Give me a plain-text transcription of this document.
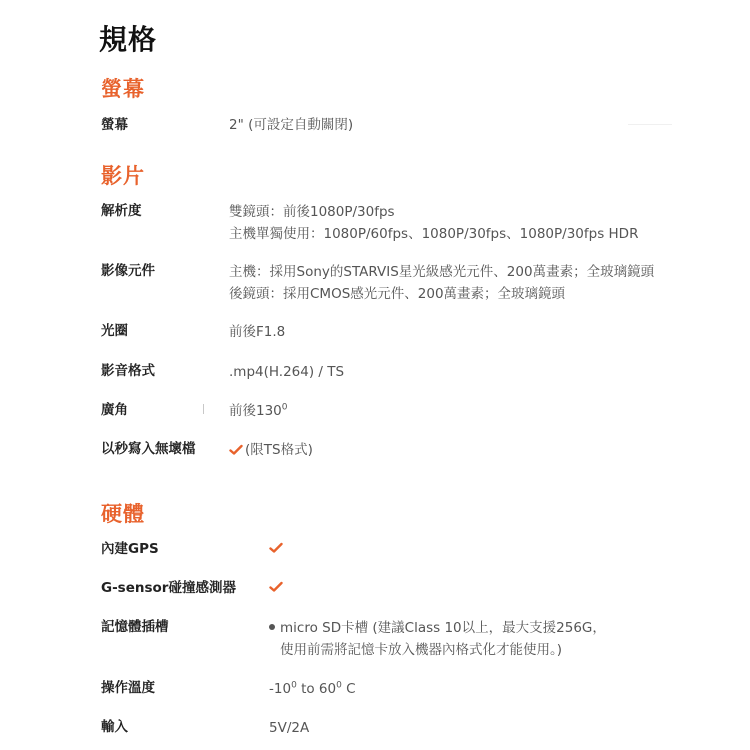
規格
螢幕
螢幕	2" (可設定自動關閉)
影片
解析度	雙鏡頭：前後1080P/30fps
主機單獨使用：1080P/60fps、1080P/30fps、1080P/30fps HDR
影像元件	主機：採用Sony的STARVIS星光級感光元件、200萬畫素；全玻璃鏡頭
後鏡頭：採用CMOS感光元件、200萬畫素；全玻璃鏡頭
光圈	前後F1.8
影音格式	.mp4(H.264) / TS
廣角	前後$130^0$
以秒寫入無壞檔	(限TS格式)
硬體
內建GPS
G-sensor碰撞感測器
記憶體插槽	micro SD卡槽 (建議Class 10以上，最大支援256G，
使用前需將記憶卡放入機器內格式化才能使用。)
操作溫度	$-10^0$ to $60^0$ C
輸入	5V/2A
